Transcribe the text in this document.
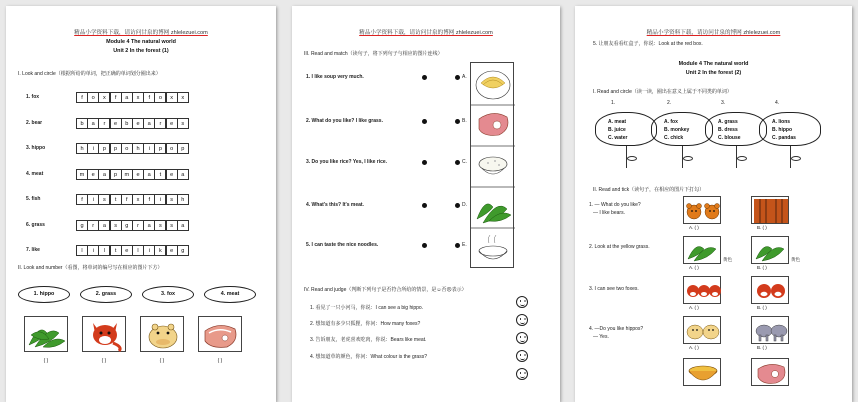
精品小学资料下载，请访问甘泉的博网 zhlelezuei.com
Module 4 The natural world
Unit 2 In the forest (1)
I. Look and circle（根据所给的单词，把正确的单词划分圈出来）
II. Look and number（看图，将单词的编号写在相应的图片下方）
1. hippo	2. grass	3. fox	4. meat
( )	( )	( )	( )
1. fox	f	o	x	f	a	x	f	o	x	x
2. bear	b	a	r	e	b	e	a	r	e	s
3. hippo	h	i	p	p	o	h	i	p	o	p
4. meat	m	e	a	p	m	e	a	t	e	a
5. fish	f	i	s	t	f	x	f	i	s	h
6. grass	g	r	a	s	g	r	a	s	s	a
7. like	l	i	l	t	e	l	i	k	e	g
精品小学资料下载，请访问甘泉的博网 zhlelezuei.com
III. Read and match（读句子，将下列句子与相应的图片连线）
1. I like soup very much.
2. What do you like? I like grass.
3. Do you like rice? Yes, I like rice.
4. What's this? It's meat.
5. I can taste the nice noodles.
A.
B.
C.
D.
E.
IV. Read and judge（判断下列句子是否符合所给的情景，是☺否☹表示）
1. 看见了一只小河马，你说：I can see a big hippo.
2. 想知道有多少只狐狸，你问：How many foxes?
3. 告诉朋友，老虎喜欢吃肉，你说：Bears like meat.
4. 想知道草的颜色，你问：What colour is the grass?
精品小学资料下载，请访问甘泉的博网 zhlelezuei.com
5. 让朋友看看红盒子，你说：Look at the red box.
Module 4 The natural world
Unit 2 In the forest (2)
I. Read and circle（读一读，圈出在意义上属于不同类的单词）
1.	2.	3.	4.
II. Read and tick（读句子，在相应的图片下打勾）
1. — What do you like?
— I like bears.
2. Look at the yellow grass.
3. I can see two foxes.
4. —Do you like hippos?
— Yes.
A. ( )	B. ( )
黄色	黄色
A. ( )	B. ( )
A. ( )	B. ( )
A. ( )	B. ( )
A. meat
B. juice
C. water
A. fox
B. monkey
C. chick
A. grass
B. dress
C. blouse
A. lions
B. hippo
C. pandas
